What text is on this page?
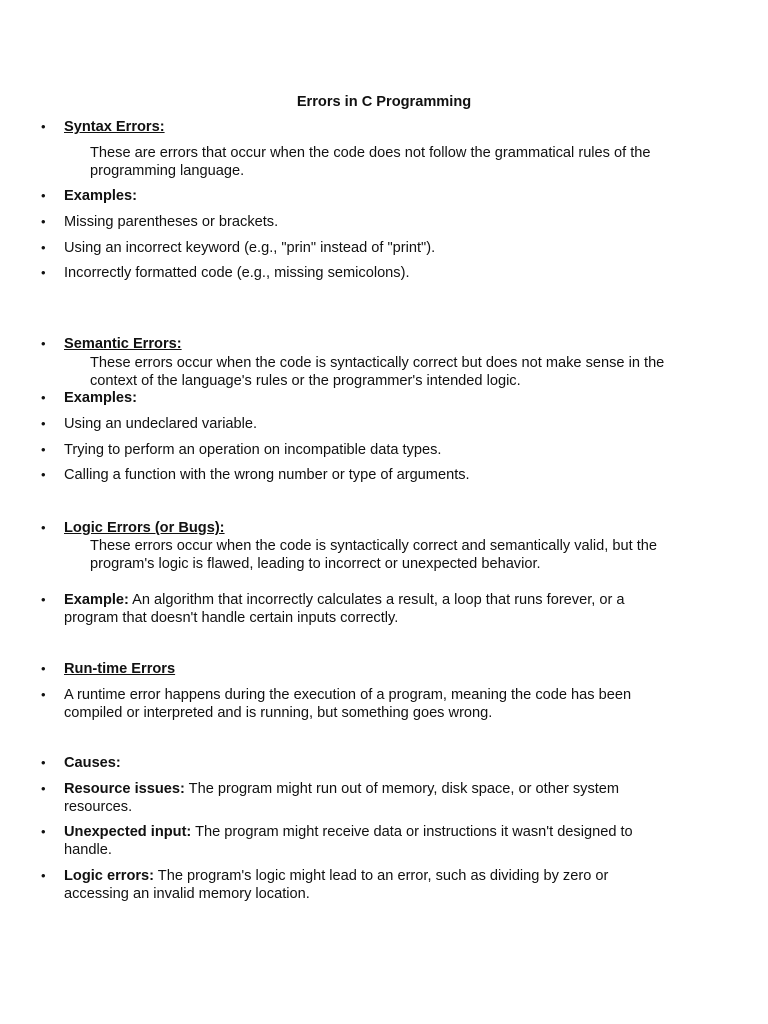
Errors in C Programming
•	Syntax Errors:
These are errors that occur when the code does not follow the grammatical rules of the programming language.
•	Examples:
•	Missing parentheses or brackets.
•	Using an incorrect keyword (e.g., "prin" instead of "print").
•	Incorrectly formatted code (e.g., missing semicolons).
•	Semantic Errors:
These errors occur when the code is syntactically correct but does not make sense in the context of the language's rules or the programmer's intended logic.
•	Examples:
•	Using an undeclared variable.
•	Trying to perform an operation on incompatible data types.
•	Calling a function with the wrong number or type of arguments.
•	Logic Errors (or Bugs):
These errors occur when the code is syntactically correct and semantically valid, but the program's logic is flawed, leading to incorrect or unexpected behavior.
•	Example: An algorithm that incorrectly calculates a result, a loop that runs forever, or a program that doesn't handle certain inputs correctly.
•	Run-time Errors
•	A runtime error happens during the execution of a program, meaning the code has been compiled or interpreted and is running, but something goes wrong.
•	Causes:
•	Resource issues: The program might run out of memory, disk space, or other system resources.
•	Unexpected input: The program might receive data or instructions it wasn't designed to handle.
•	Logic errors: The program's logic might lead to an error, such as dividing by zero or accessing an invalid memory location.
